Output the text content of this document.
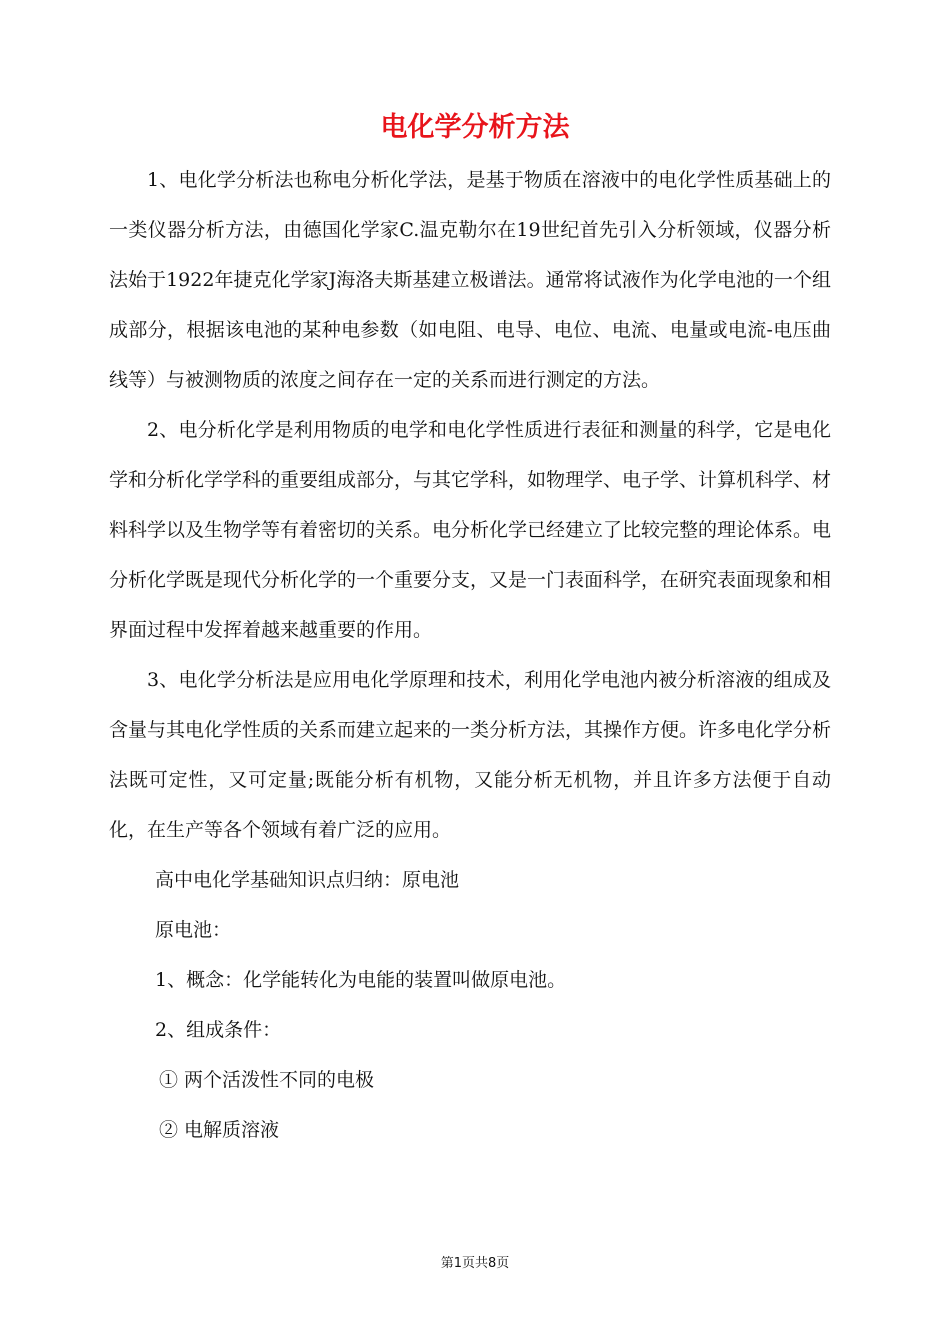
电化学分析方法

1、电化学分析法也称电分析化学法，是基于物质在溶液中的电化学性质基础上的一类仪器分析方法，由德国化学家C.温克勒尔在19世纪首先引入分析领域，仪器分析法始于1922年捷克化学家J海洛夫斯基建立极谱法。通常将试液作为化学电池的一个组成部分，根据该电池的某种电参数（如电阻、电导、电位、电流、电量或电流-电压曲线等）与被测物质的浓度之间存在一定的关系而进行测定的方法。

2、电分析化学是利用物质的电学和电化学性质进行表征和测量的科学，它是电化学和分析化学学科的重要组成部分，与其它学科，如物理学、电子学、计算机科学、材料科学以及生物学等有着密切的关系。电分析化学已经建立了比较完整的理论体系。电分析化学既是现代分析化学的一个重要分支，又是一门表面科学，在研究表面现象和相界面过程中发挥着越来越重要的作用。

3、电化学分析法是应用电化学原理和技术，利用化学电池内被分析溶液的组成及含量与其电化学性质的关系而建立起来的一类分析方法，其操作方便。许多电化学分析法既可定性，又可定量;既能分析有机物，又能分析无机物，并且许多方法便于自动化，在生产等各个领域有着广泛的应用。

高中电化学基础知识点归纳：原电池

原电池：

1、概念：化学能转化为电能的装置叫做原电池。

2、组成条件：

① 两个活泼性不同的电极

② 电解质溶液

第1页共8页
